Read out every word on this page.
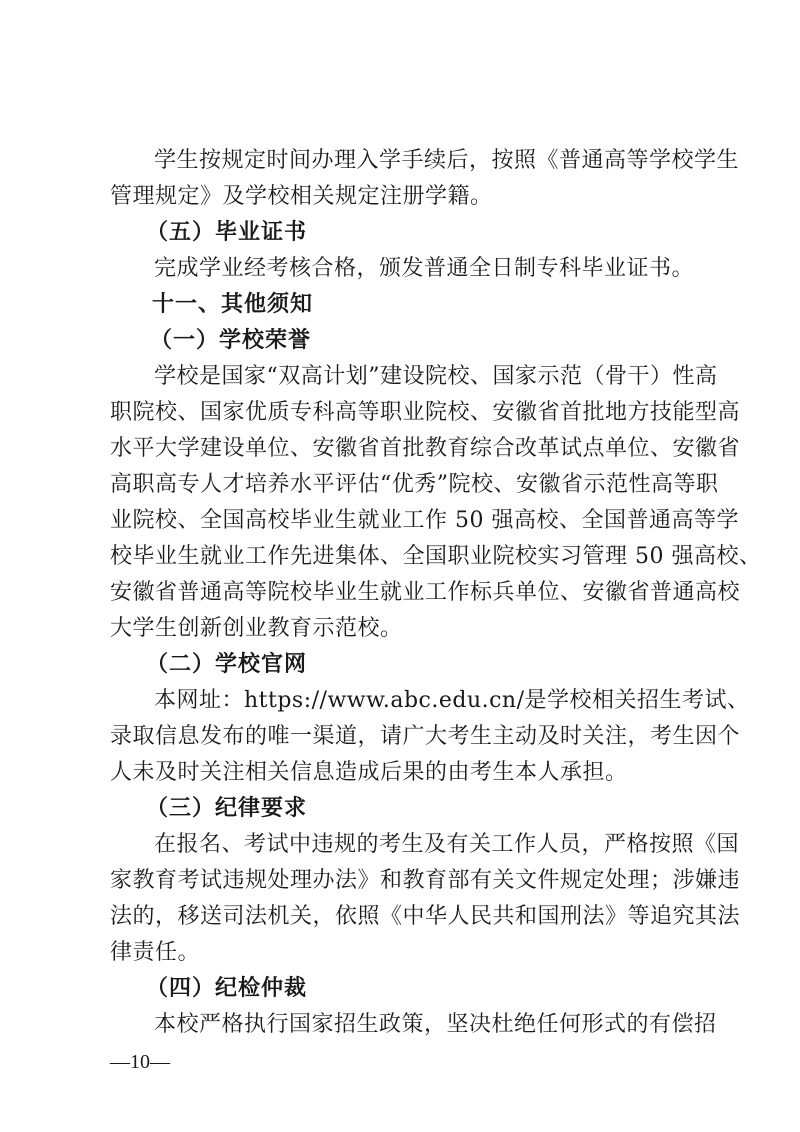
学生按规定时间办理入学手续后，按照《普通高等学校学生
管理规定》及学校相关规定注册学籍。
（五）毕业证书
完成学业经考核合格，颁发普通全日制专科毕业证书。
十一、其他须知
（一）学校荣誉
学校是国家“双高计划”建设院校、国家示范（骨干）性高
职院校、国家优质专科高等职业院校、安徽省首批地方技能型高
水平大学建设单位、安徽省首批教育综合改革试点单位、安徽省
高职高专人才培养水平评估“优秀”院校、安徽省示范性高等职
业院校、全国高校毕业生就业工作 50 强高校、全国普通高等学
校毕业生就业工作先进集体、全国职业院校实习管理 50 强高校、
安徽省普通高等院校毕业生就业工作标兵单位、安徽省普通高校
大学生创新创业教育示范校。
（二）学校官网
本网址：https://www.abc.edu.cn/是学校相关招生考试、
录取信息发布的唯一渠道，请广大考生主动及时关注，考生因个
人未及时关注相关信息造成后果的由考生本人承担。
（三）纪律要求
在报名、考试中违规的考生及有关工作人员，严格按照《国
家教育考试违规处理办法》和教育部有关文件规定处理；涉嫌违
法的，移送司法机关，依照《中华人民共和国刑法》等追究其法
律责任。
（四）纪检仲裁
本校严格执行国家招生政策，坚决杜绝任何形式的有偿招
—10—
